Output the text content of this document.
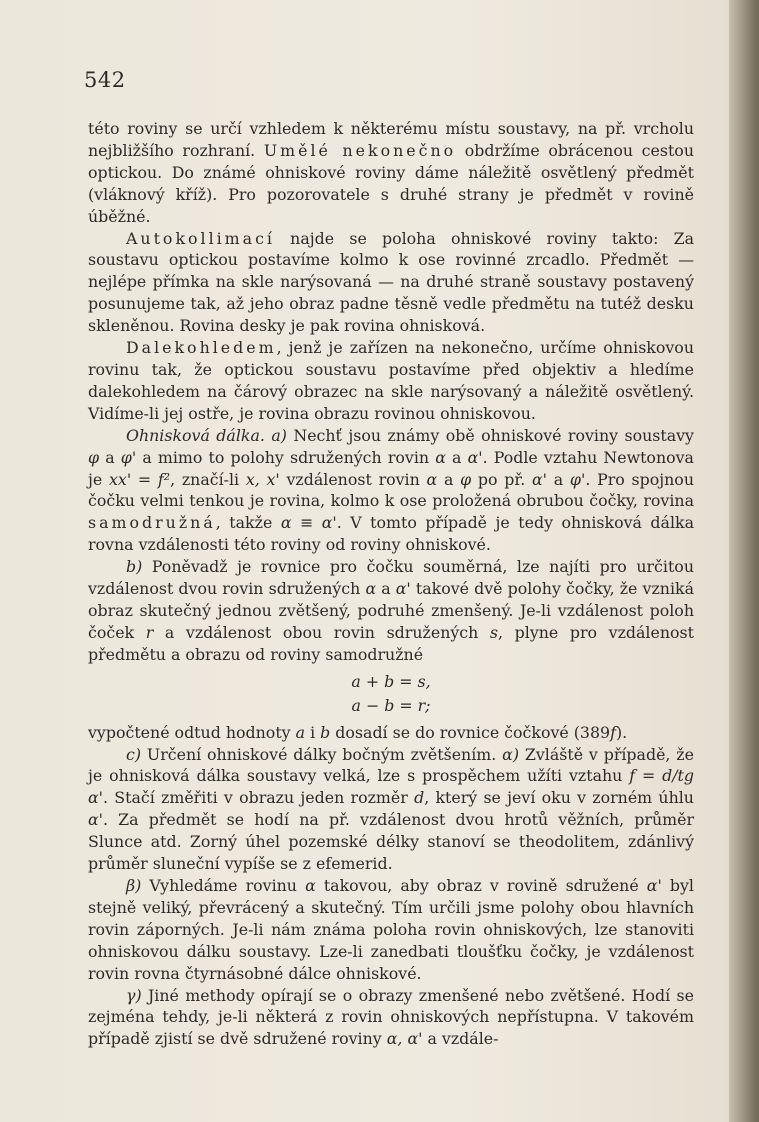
542

této roviny se určí vzhledem k některému místu soustavy, na př. vrcholu nejbližšího rozhraní. Umělé nekonečno obdržíme obrácenou cestou optickou. Do známé ohniskové roviny dáme náležitě osvětlený předmět (vláknový kříž). Pro pozorovatele s druhé strany je předmět v rovině úběžné.

Autokollimací najde se poloha ohniskové roviny takto: Za soustavu optickou postavíme kolmo k ose rovinné zrcadlo. Předmět — nejlépe přímka na skle narýsovaná — na druhé straně soustavy postavený posunujeme tak, až jeho obraz padne těsně vedle předmětu na tutéž desku skleněnou. Rovina desky je pak rovina ohnisková.

Dalekohledem, jenž je zařízen na nekonečno, určíme ohniskovou rovinu tak, že optickou soustavu postavíme před objektiv a hledíme dalekohledem na čárový obrazec na skle narýsovaný a náležitě osvětlený. Vidíme-li jej ostře, je rovina obrazu rovinou ohniskovou.

Ohnisková dálka. a) Nechť jsou známy obě ohniskové roviny soustavy φ a φ' a mimo to polohy sdružených rovin α a α'. Podle vztahu Newtonova je xx' = f², značí-li x, x' vzdálenost rovin α a φ po př. α' a φ'. Pro spojnou čočku velmi tenkou je rovina, kolmo k ose proložená obrubou čočky, rovina samodružná, takže α ≡ α'. V tomto případě je tedy ohnisková dálka rovna vzdálenosti této roviny od roviny ohniskové.

b) Poněvadž je rovnice pro čočku souměrná, lze najíti pro určitou vzdálenost dvou rovin sdružených α a α' takové dvě polohy čočky, že vzniká obraz skutečný jednou zvětšený, podruhé zmenšený. Je-li vzdálenost poloh čoček r a vzdálenost obou rovin sdružených s, plyne pro vzdálenost předmětu a obrazu od roviny samodružné

a + b = s,
a − b = r;

vypočtené odtud hodnoty a i b dosadí se do rovnice čočkové (389f).

c) Určení ohniskové dálky bočným zvětšením. α) Zvláště v případě, že je ohnisková dálka soustavy velká, lze s prospěchem užíti vztahu f = d/tg α'. Stačí změřiti v obrazu jeden rozměr d, který se jeví oku v zorném úhlu α'. Za předmět se hodí na př. vzdálenost dvou hrotů věžních, průměr Slunce atd. Zorný úhel pozemské délky stanoví se theodolitem, zdánlivý průměr sluneční vypíše se z efemerid.

β) Vyhledáme rovinu α takovou, aby obraz v rovině sdružené α' byl stejně veliký, převrácený a skutečný. Tím určili jsme polohy obou hlavních rovin záporných. Je-li nám známa poloha rovin ohniskových, lze stanoviti ohniskovou dálku soustavy. Lze-li zanedbati tloušťku čočky, je vzdálenost rovin rovna čtyrnásobné dálce ohniskové.

γ) Jiné methody opírají se o obrazy zmenšené nebo zvětšené. Hodí se zejména tehdy, je-li některá z rovin ohniskových nepřístupna. V takovém případě zjistí se dvě sdružené roviny α, α' a vzdále-
